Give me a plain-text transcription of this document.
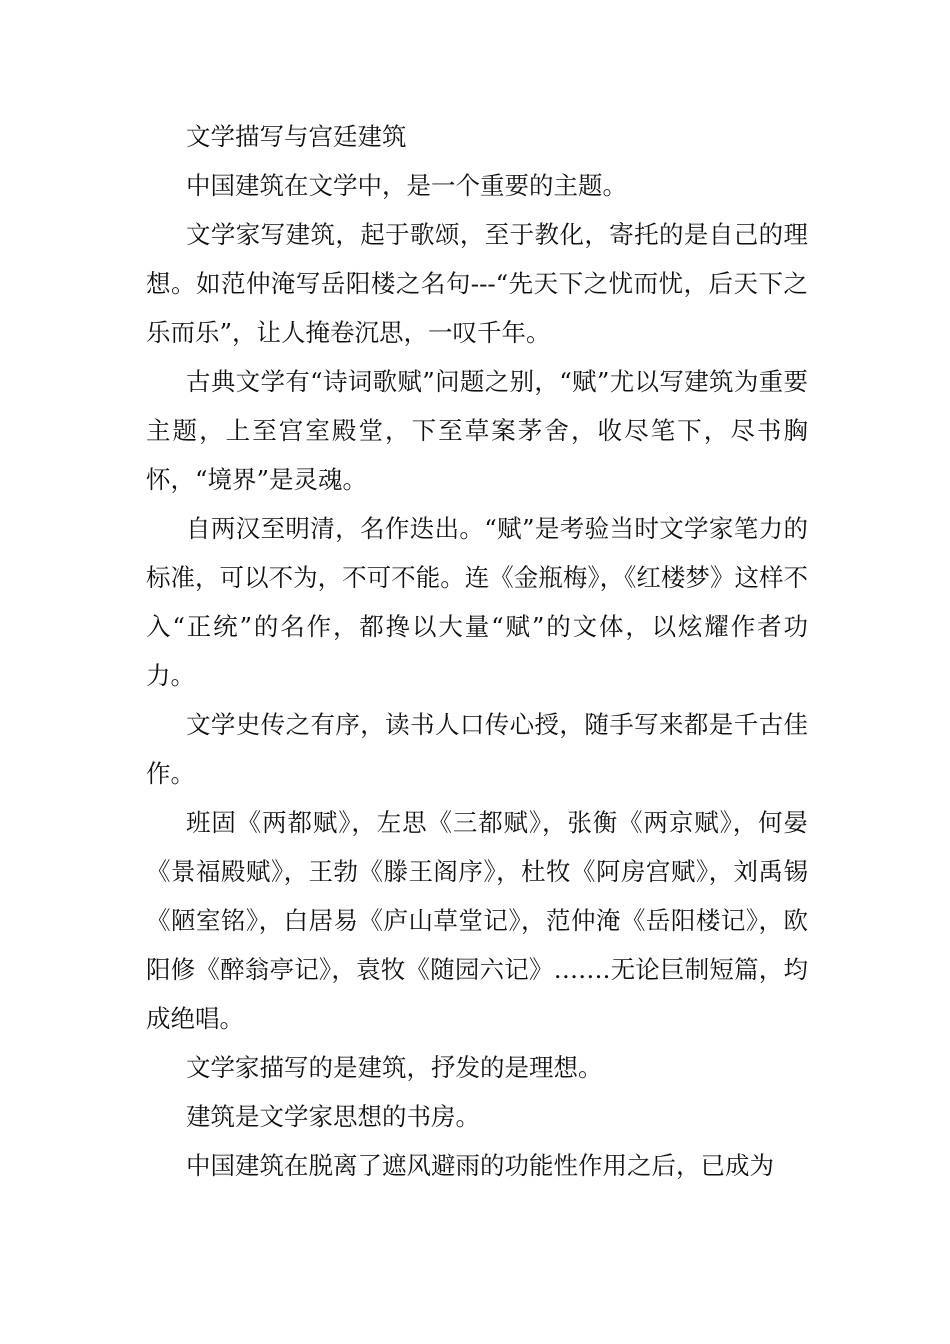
文学描写与宫廷建筑

中国建筑在文学中，是一个重要的主题。

文学家写建筑，起于歌颂，至于教化，寄托的是自己的理想。如范仲淹写岳阳楼之名句---“先天下之忧而忧，后天下之乐而乐”，让人掩卷沉思，一叹千年。

古典文学有“诗词歌赋”问题之别，“赋”尤以写建筑为重要主题，上至宫室殿堂，下至草案茅舍，收尽笔下，尽书胸怀，“境界”是灵魂。

自两汉至明清，名作迭出。“赋”是考验当时文学家笔力的标准，可以不为，不可不能。连《金瓶梅》，《红楼梦》这样不入“正统”的名作，都搀以大量“赋”的文体，以炫耀作者功力。

文学史传之有序，读书人口传心授，随手写来都是千古佳作。

班固《两都赋》，左思《三都赋》，张衡《两京赋》，何晏《景福殿赋》，王勃《滕王阁序》，杜牧《阿房宫赋》，刘禹锡《陋室铭》，白居易《庐山草堂记》，范仲淹《岳阳楼记》，欧阳修《醉翁亭记》，袁牧《随园六记》…….无论巨制短篇，均成绝唱。

文学家描写的是建筑，抒发的是理想。

建筑是文学家思想的书房。

中国建筑在脱离了遮风避雨的功能性作用之后，已成为
